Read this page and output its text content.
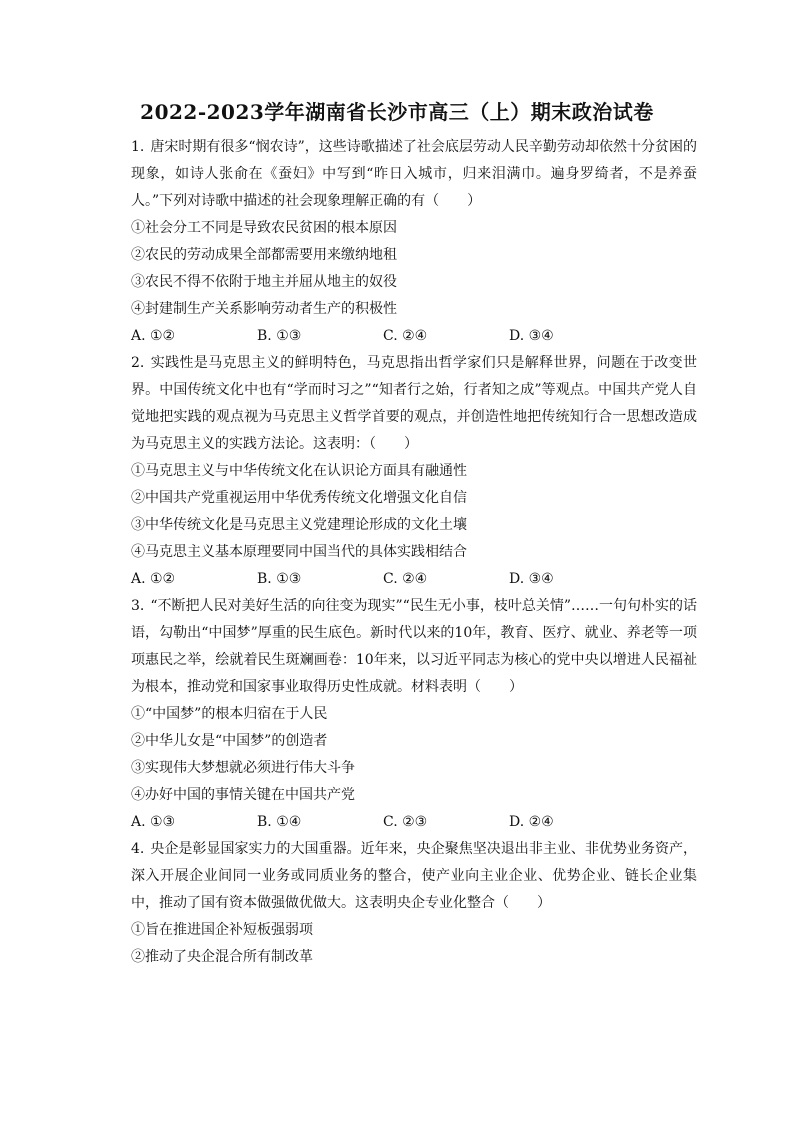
2022-2023学年湖南省长沙市高三（上）期末政治试卷

1. 唐宋时期有很多“悯农诗”，这些诗歌描述了社会底层劳动人民辛勤劳动却依然十分贫困的现象，如诗人张俞在《蚕妇》中写到“昨日入城市，归来泪满巾。遍身罗绮者，不是养蚕人。”下列对诗歌中描述的社会现象理解正确的有（　　）

①社会分工不同是导致农民贫困的根本原因

②农民的劳动成果全部都需要用来缴纳地租

③农民不得不依附于地主并屈从地主的奴役

④封建制生产关系影响劳动者生产的积极性

A. ①②	B. ①③	C. ②④	D. ③④

2. 实践性是马克思主义的鲜明特色，马克思指出哲学家们只是解释世界，问题在于改变世界。中国传统文化中也有“学而时习之”“知者行之始，行者知之成”等观点。中国共产党人自觉地把实践的观点视为马克思主义哲学首要的观点，并创造性地把传统知行合一思想改造成为马克思主义的实践方法论。这表明：（　　）

①马克思主义与中华传统文化在认识论方面具有融通性

②中国共产党重视运用中华优秀传统文化增强文化自信

③中华传统文化是马克思主义党建理论形成的文化土壤

④马克思主义基本原理要同中国当代的具体实践相结合

A. ①②	B. ①③	C. ②④	D. ③④

3. “不断把人民对美好生活的向往变为现实”“民生无小事，枝叶总关情”……一句句朴实的话语，勾勒出“中国梦”厚重的民生底色。新时代以来的10年，教育、医疗、就业、养老等一项项惠民之举，绘就着民生斑斓画卷：10年来，以习近平同志为核心的党中央以增进人民福祉为根本，推动党和国家事业取得历史性成就。材料表明（　　）

①“中国梦”的根本归宿在于人民

②中华儿女是“中国梦”的创造者

③实现伟大梦想就必须进行伟大斗争

④办好中国的事情关键在中国共产党

A. ①③	B. ①④	C. ②③	D. ②④

4. 央企是彰显国家实力的大国重器。近年来，央企聚焦坚决退出非主业、非优势业务资产，深入开展企业间同一业务或同质业务的整合，使产业向主业企业、优势企业、链长企业集中，推动了国有资本做强做优做大。这表明央企专业化整合（　　）

①旨在推进国企补短板强弱项

②推动了央企混合所有制改革
